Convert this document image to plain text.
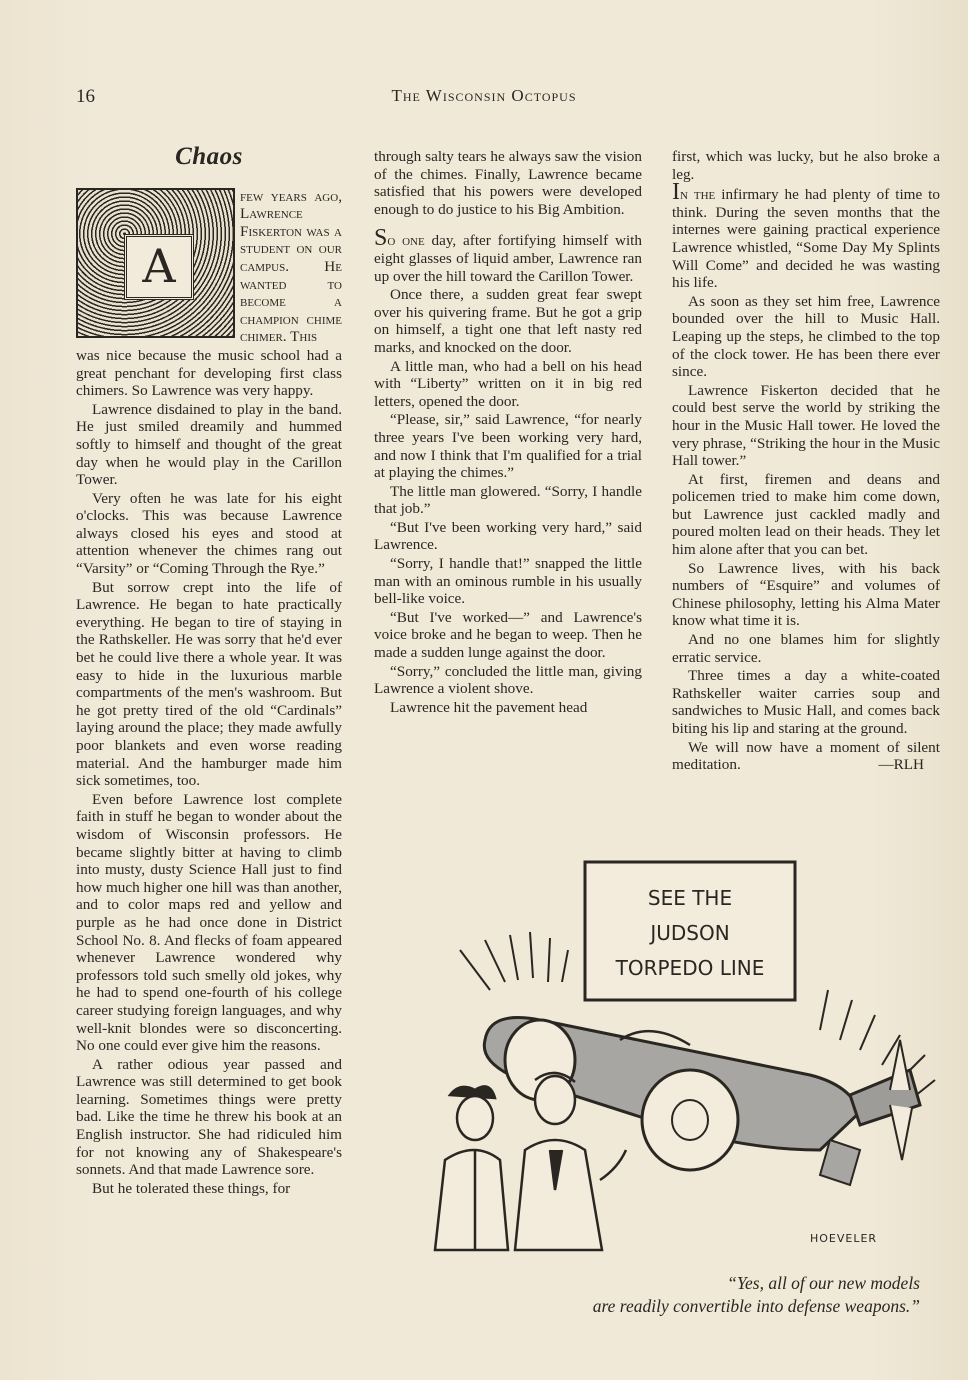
16	The Wisconsin Octopus
Chaos
A

few years ago, Lawrence Fiskerton was a student on our campus. He wanted to become a champion chime chimer. This

was nice because the music school had a great penchant for developing first class chimers. So Lawrence was very happy.

Lawrence disdained to play in the band. He just smiled dreamily and hummed softly to himself and thought of the great day when he would play in the Carillon Tower.

Very often he was late for his eight o'clocks. This was because Lawrence always closed his eyes and stood at attention whenever the chimes rang out “Varsity” or “Coming Through the Rye.”

But sorrow crept into the life of Lawrence. He began to hate practically everything. He began to tire of staying in the Rathskeller. He was sorry that he'd ever bet he could live there a whole year. It was easy to hide in the luxurious marble compartments of the men's washroom. But he got pretty tired of the old “Cardinals” laying around the place; they made awfully poor blankets and even worse reading material. And the hamburger made him sick sometimes, too.

Even before Lawrence lost complete faith in stuff he began to wonder about the wisdom of Wisconsin professors. He became slightly bitter at having to climb into musty, dusty Science Hall just to find how much higher one hill was than another, and to color maps red and yellow and purple as he had once done in District School No. 8. And flecks of foam appeared whenever Lawrence wondered why professors told such smelly old jokes, why he had to spend one-fourth of his college career studying foreign languages, and why well-knit blondes were so disconcerting. No one could ever give him the reasons.

A rather odious year passed and Lawrence was still determined to get book learning. Sometimes things were pretty bad. Like the time he threw his book at an English instructor. She had ridiculed him for not knowing any of Shakespeare's sonnets. And that made Lawrence sore.

But he tolerated these things, for

through salty tears he always saw the vision of the chimes. Finally, Lawrence became satisfied that his powers were developed enough to do justice to his Big Ambition.

So one day, after fortifying himself with eight glasses of liquid amber, Lawrence ran up over the hill toward the Carillon Tower.

Once there, a sudden great fear swept over his quivering frame. But he got a grip on himself, a tight one that left nasty red marks, and knocked on the door.

A little man, who had a bell on his head with “Liberty” written on it in big red letters, opened the door.

“Please, sir,” said Lawrence, “for nearly three years I've been working very hard, and now I think that I'm qualified for a trial at playing the chimes.”

The little man glowered. “Sorry, I handle that job.”

“But I've been working very hard,” said Lawrence.

“Sorry, I handle that!” snapped the little man with an ominous rumble in his usually bell-like voice.

“But I've worked—” and Lawrence's voice broke and he began to weep. Then he made a sudden lunge against the door.

“Sorry,” concluded the little man, giving Lawrence a violent shove.

Lawrence hit the pavement head

first, which was lucky, but he also broke a leg.

In the infirmary he had plenty of time to think. During the seven months that the internes were gaining practical experience Lawrence whistled, “Some Day My Splints Will Come” and decided he was wasting his life.

As soon as they set him free, Lawrence bounded over the hill to Music Hall. Leaping up the steps, he climbed to the top of the clock tower. He has been there ever since.

Lawrence Fiskerton decided that he could best serve the world by striking the hour in the Music Hall tower. He loved the very phrase, “Striking the hour in the Music Hall tower.”

At first, firemen and deans and policemen tried to make him come down, but Lawrence just cackled madly and poured molten lead on their heads. They let him alone after that you can bet.

So Lawrence lives, with his back numbers of “Esquire” and volumes of Chinese philosophy, letting his Alma Mater know what time it is.

And no one blames him for slightly erratic service.

Three times a day a white-coated Rathskeller waiter carries soup and sandwiches to Music Hall, and comes back biting his lip and staring at the ground.

We will now have a moment of silent meditation.	—RLH

SEE THE
JUDSON
TORPEDO LINE
HOEVELER
“Yes, all of our new models
are readily convertible into defense weapons.”
